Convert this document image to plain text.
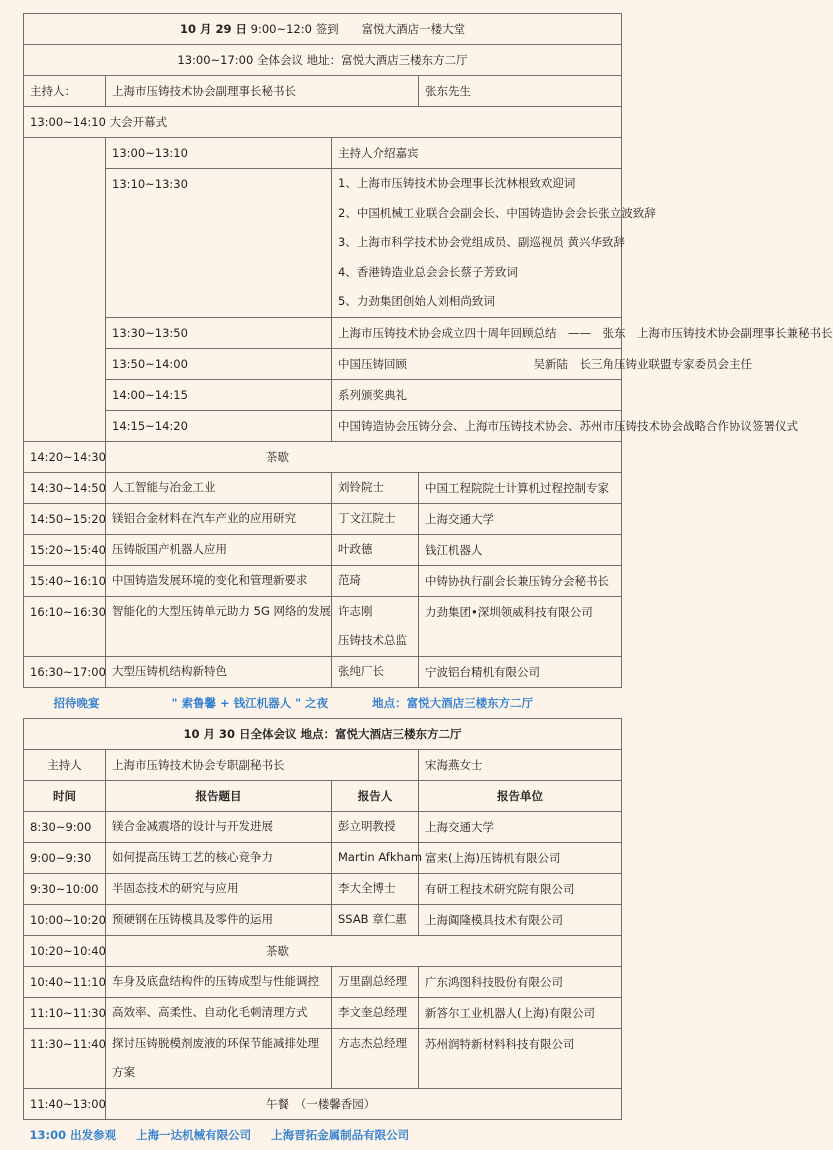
10 月 29 日 9:00~12:0 签到　　富悦大酒店一楼大堂			
13:00~17:00 全体会议 地址：富悦大酒店三楼东方二厅			
主持人：	上海市压铸技术协会副理事长秘书长		张东先生
13:00~14:10 大会开幕式			
	13:00~13:10	主持人介绍嘉宾	
	13:10~13:30	1、上海市压铸技术协会理事长沈林根致欢迎词
2、中国机械工业联合会副会长、中国铸造协会会长张立波致辞
3、上海市科学技术协会党组成员、副巡视员 黄兴华致辞
4、香港铸造业总会会长蔡子芳致词
5、力劲集团创始人刘相尚致词	

	13:30~13:50	上海市压铸技术协会成立四十周年回顾总结　——　张东　上海市压铸技术协会副理事长兼秘书长	
	13:50~14:00	中国压铸回顾　　　　　　　　　　　吴新陆　长三角压铸业联盟专家委员会主任	
	14:00~14:15	系列颁奖典礼	
	14:15~14:20	中国铸造协会压铸分会、上海市压铸技术协会、苏州市压铸技术协会战略合作协议签署仪式	
14:20~14:30	茶歇		
14:30~14:50	人工智能与冶金工业	刘铃院士	中国工程院院士计算机过程控制专家
14:50~15:20	镁铝合金材料在汽车产业的应用研究	丁文江院士	上海交通大学
15:20~15:40	压铸版国产机器人应用	叶政德	钱江机器人
15:40~16:10	中国铸造发展环境的变化和管理新要求	范琦	中铸协执行副会长兼压铸分会秘书长
16:10~16:30	智能化的大型压铸单元助力 5G 网络的发展	许志刚
压铸技术总监	力劲集团•深圳领威科技有限公司
16:30~17:00	大型压铸机结构新特色	张纯厂长	宁波铝台精机有限公司
招待晚宴 " 索鲁馨 + 钱江机器人 " 之夜 地点：富悦大酒店三楼东方二厅			
10 月 30 日全体会议 地点：富悦大酒店三楼东方二厅			
主持人	上海市压铸技术协会专职副秘书长		宋海燕女士
时间	报告题目	报告人	报告单位
8:30~9:00	镁合金减震塔的设计与开发进展	彭立明教授	上海交通大学
9:00~9:30	如何提高压铸工艺的核心竞争力	Martin Afkham	富来(上海)压铸机有限公司
9:30~10:00	半固态技术的研究与应用	李大全博士	有研工程技术研究院有限公司
10:00~10:20	预硬钢在压铸模具及零件的运用	SSAB 章仁惠	上海阗隆模具技术有限公司
10:20~10:40	茶歇		
10:40~11:10	车身及底盘结构件的压铸成型与性能调控	万里副总经理	广东鸿图科技股份有限公司
11:10~11:30	高效率、高柔性、自动化毛刺清理方式	李文奎总经理	新答尔工业机器人(上海)有限公司
11:30~11:40	探讨压铸脱模剂废液的环保节能减排处理
方案	方志杰总经理	苏州润特新材料科技有限公司
11:40~13:00	午餐　（一楼馨香园）		
13:00 出发参观 上海一达机械有限公司 上海晋拓金属制品有限公司			
